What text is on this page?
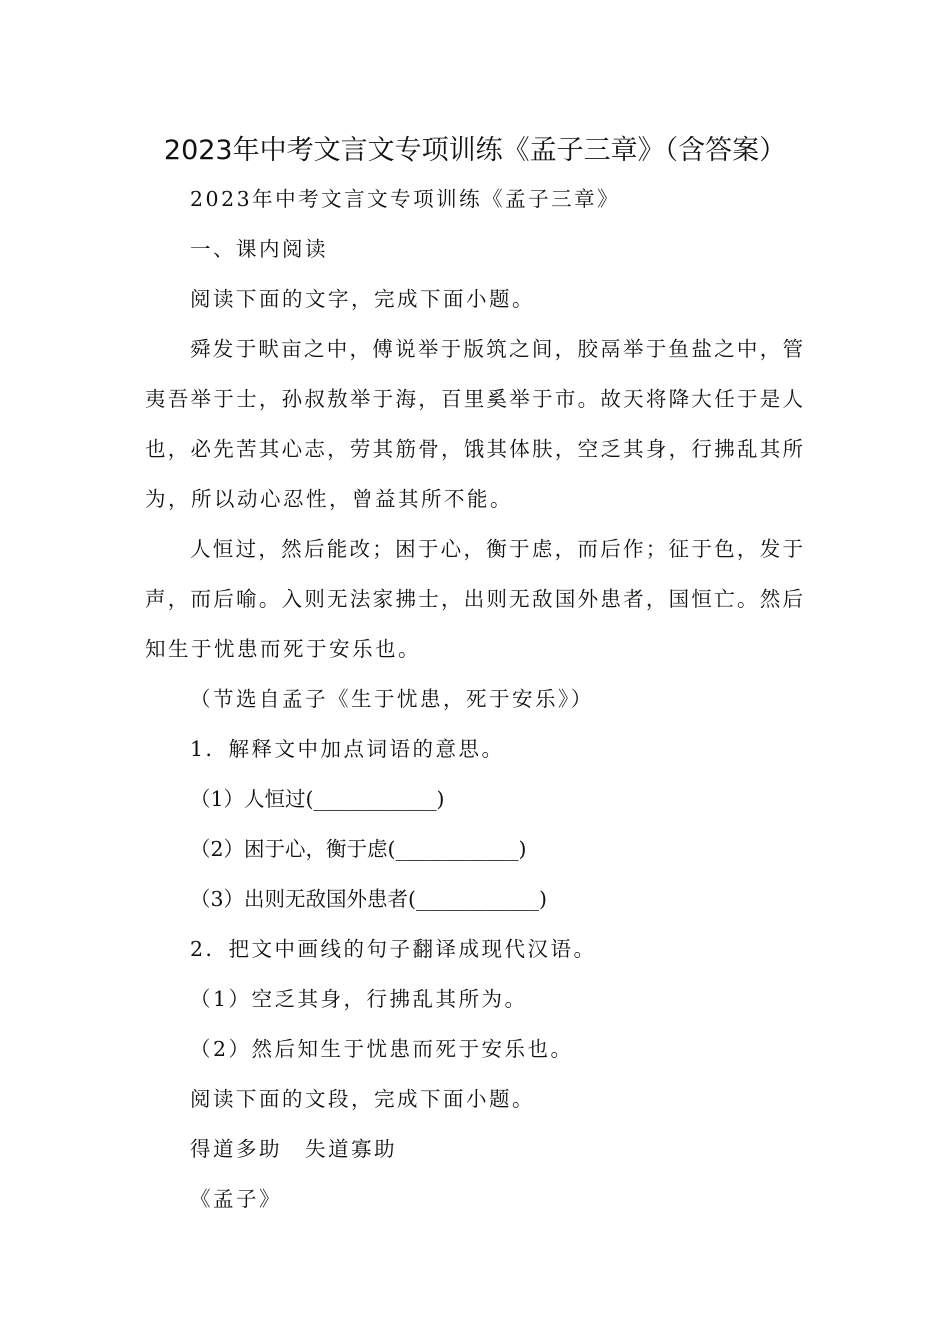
2023年中考文言文专项训练《孟子三章》（含答案）
2023年中考文言文专项训练《孟子三章》
一、课内阅读
阅读下面的文字，完成下面小题。
舜发于畎亩之中，傅说举于版筑之间，胶鬲举于鱼盐之中，管
夷吾举于士，孙叔敖举于海，百里奚举于市。故天将降大任于是人
也，必先苦其心志，劳其筋骨，饿其体肤，空乏其身，行拂乱其所
为，所以动心忍性，曾益其所不能。
人恒过，然后能改；困于心，衡于虑，而后作；征于色，发于
声，而后喻。入则无法家拂士，出则无敌国外患者，国恒亡。然后
知生于忧患而死于安乐也。
（节选自孟子《生于忧患，死于安乐》）
1．解释文中加点词语的意思。
（1）人恒过(____________)
（2）困于心，衡于虑(____________)
（3）出则无敌国外患者(____________)
2．把文中画线的句子翻译成现代汉语。
（1）空乏其身，行拂乱其所为。
（2）然后知生于忧患而死于安乐也。
阅读下面的文段，完成下面小题。
得道多助　失道寡助
《孟子》
